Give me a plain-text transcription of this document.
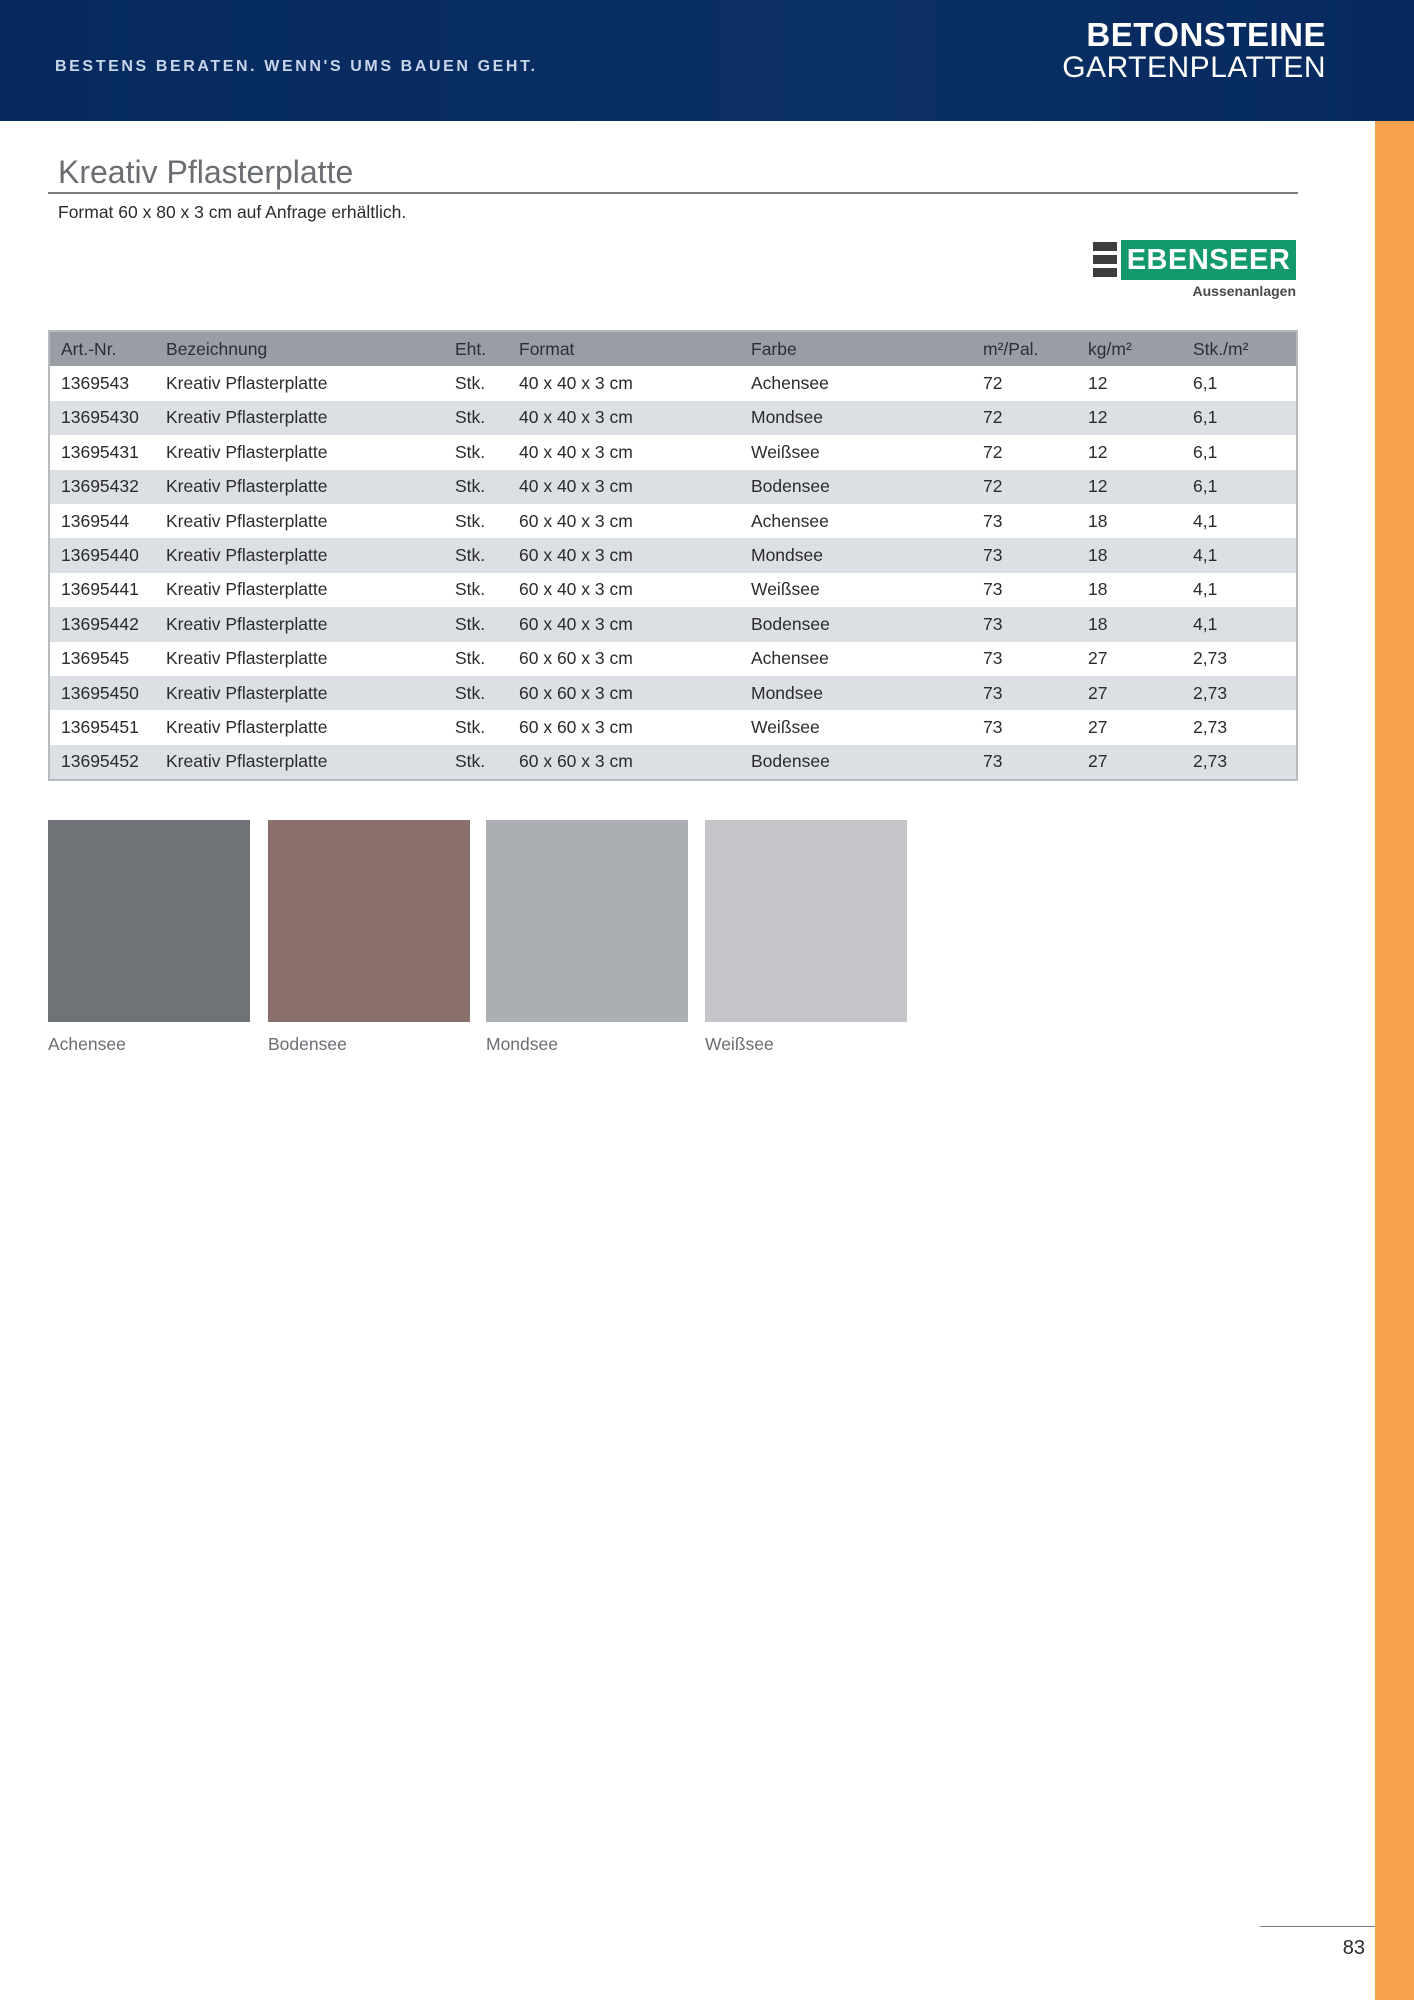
BESTENS BERATEN. WENN'S UMS BAUEN GEHT.
BETONSTEINE
GARTENPLATTEN
Kreativ Pflasterplatte
Format 60 x 80 x 3 cm auf Anfrage erhältlich.
EBENSEER
Aussenanlagen
Art.-Nr.	Bezeichnung	Eht.	Format	Farbe	m²/Pal.	kg/m²	Stk./m²
1369543	Kreativ Pflasterplatte	Stk.	40 x 40 x 3 cm	Achensee	72	12	6,1
13695430	Kreativ Pflasterplatte	Stk.	40 x 40 x 3 cm	Mondsee	72	12	6,1
13695431	Kreativ Pflasterplatte	Stk.	40 x 40 x 3 cm	Weißsee	72	12	6,1
13695432	Kreativ Pflasterplatte	Stk.	40 x 40 x 3 cm	Bodensee	72	12	6,1
1369544	Kreativ Pflasterplatte	Stk.	60 x 40 x 3 cm	Achensee	73	18	4,1
13695440	Kreativ Pflasterplatte	Stk.	60 x 40 x 3 cm	Mondsee	73	18	4,1
13695441	Kreativ Pflasterplatte	Stk.	60 x 40 x 3 cm	Weißsee	73	18	4,1
13695442	Kreativ Pflasterplatte	Stk.	60 x 40 x 3 cm	Bodensee	73	18	4,1
1369545	Kreativ Pflasterplatte	Stk.	60 x 60 x 3 cm	Achensee	73	27	2,73
13695450	Kreativ Pflasterplatte	Stk.	60 x 60 x 3 cm	Mondsee	73	27	2,73
13695451	Kreativ Pflasterplatte	Stk.	60 x 60 x 3 cm	Weißsee	73	27	2,73
13695452	Kreativ Pflasterplatte	Stk.	60 x 60 x 3 cm	Bodensee	73	27	2,73
Achensee	Bodensee	Mondsee	Weißsee
83
